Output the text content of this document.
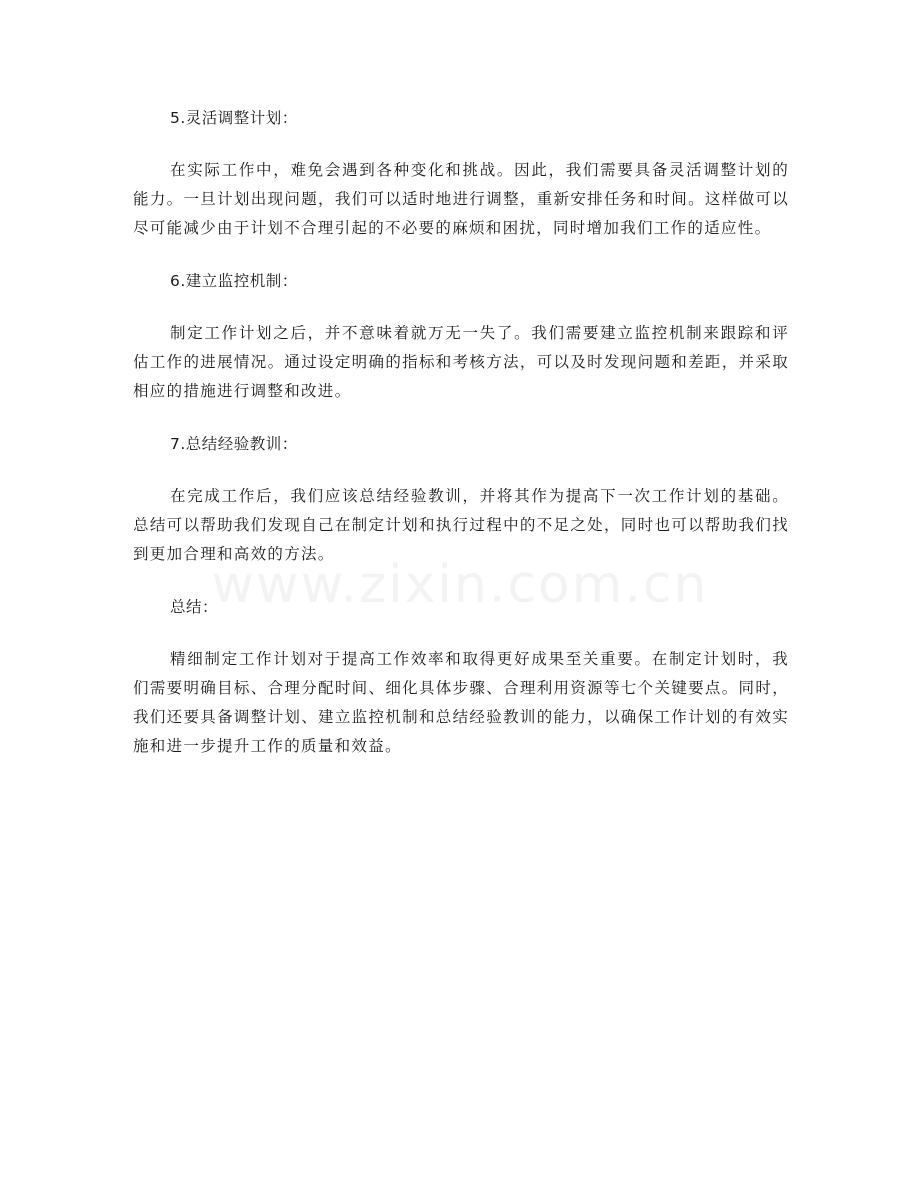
5.灵活调整计划：

在实际工作中，难免会遇到各种变化和挑战。因此，我们需要具备灵活调整计划的能力。一旦计划出现问题，我们可以适时地进行调整，重新安排任务和时间。这样做可以尽可能减少由于计划不合理引起的不必要的麻烦和困扰，同时增加我们工作的适应性。

6.建立监控机制：

制定工作计划之后，并不意味着就万无一失了。我们需要建立监控机制来跟踪和评估工作的进展情况。通过设定明确的指标和考核方法，可以及时发现问题和差距，并采取相应的措施进行调整和改进。

7.总结经验教训：

在完成工作后，我们应该总结经验教训，并将其作为提高下一次工作计划的基础。总结可以帮助我们发现自己在制定计划和执行过程中的不足之处，同时也可以帮助我们找到更加合理和高效的方法。

总结：

精细制定工作计划对于提高工作效率和取得更好成果至关重要。在制定计划时，我们需要明确目标、合理分配时间、细化具体步骤、合理利用资源等七个关键要点。同时，我们还要具备调整计划、建立监控机制和总结经验教训的能力，以确保工作计划的有效实施和进一步提升工作的质量和效益。

www.zixin.com.cn
